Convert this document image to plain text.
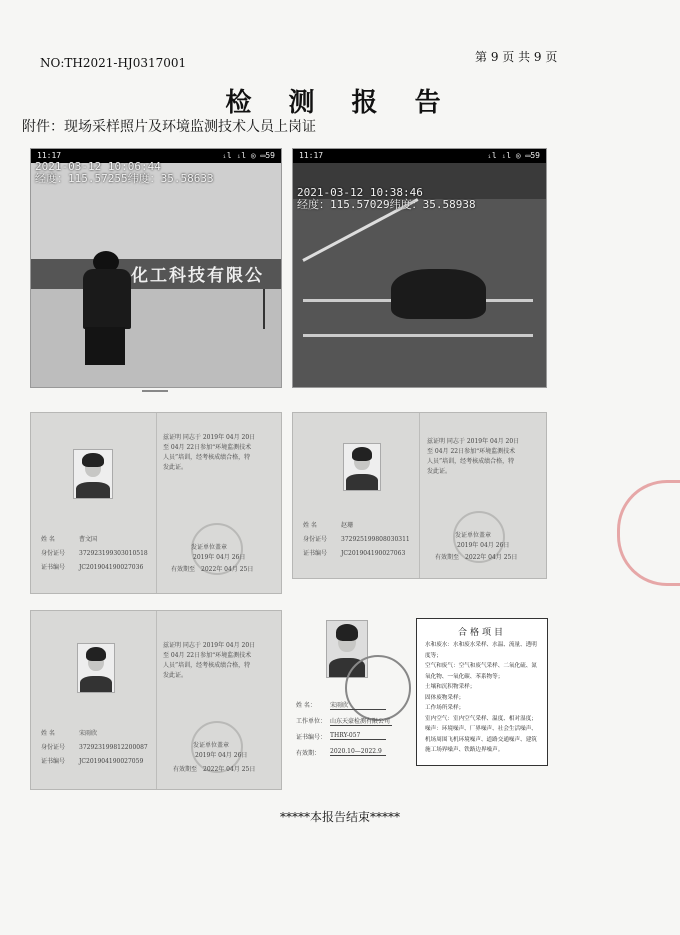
NO:TH2021-HJ0317001	第 9 页 共 9 页
检 测 报 告
附件：现场采样照片及环境监测技术人员上岗证
11:17	ᵢl ᵢl ◎ ▭59
化工科技有限公
2021-03-12 10:06:44
经度：115.57255纬度：35.58633
11:17	ᵢl ᵢl ◎ ▭59
2021-03-12 10:38:46
经度：115.57029纬度：35.58938
兹证明 同志于 2019年 04月 20日
至 04月 22日参加“环境监测技术
人员”培训，经考核成绩合格，特
发此证。
姓 名	曹文国
身份证号 372923199303010518
证书编号 JC201904190027036
发证单位盖章
2019年 04月 26日
有效期至 2022年 04月 25日
兹证明 同志于 2019年 04月 20日
至 04月 22日参加“环境监测技术
人员”培训，经考核成绩合格，特
发此证。
姓 名	赵珊
身份证号 372925199808030311
证书编号 JC201904190027063
发证单位盖章
2019年 04月 26日
有效期至 2022年 04月 25日
兹证明 同志于 2019年 04月 20日
至 04月 22日参加“环境监测技术
人员”培训，经考核成绩合格，特
发此证。
姓 名	宋雨欣
身份证号 372923199812200087
证书编号 JC201904190027059
发证单位盖章
2019年 04月 26日
有效期至 2022年 04月 25日
姓 名： 宋雨欣
工作单位： 山东天豪检测有限公司
证书编号： THRY-057
有效期： 2020.10—2022.9
合格项目
水和废水：水和废水采样、水温、流量、透明度等；
空气和废气：空气和废气采样、二氧化硫、氮氧化物、一氧化碳、苯系物等；
土壤和沉积物采样；
固体废物采样；
工作场所采样；
室内空气：室内空气采样、温度、相对湿度；
噪声：环境噪声、厂界噪声、社会生活噪声、机场周围飞机环境噪声、道路交通噪声、建筑施工场界噪声、铁路边界噪声。
*****本报告结束*****
